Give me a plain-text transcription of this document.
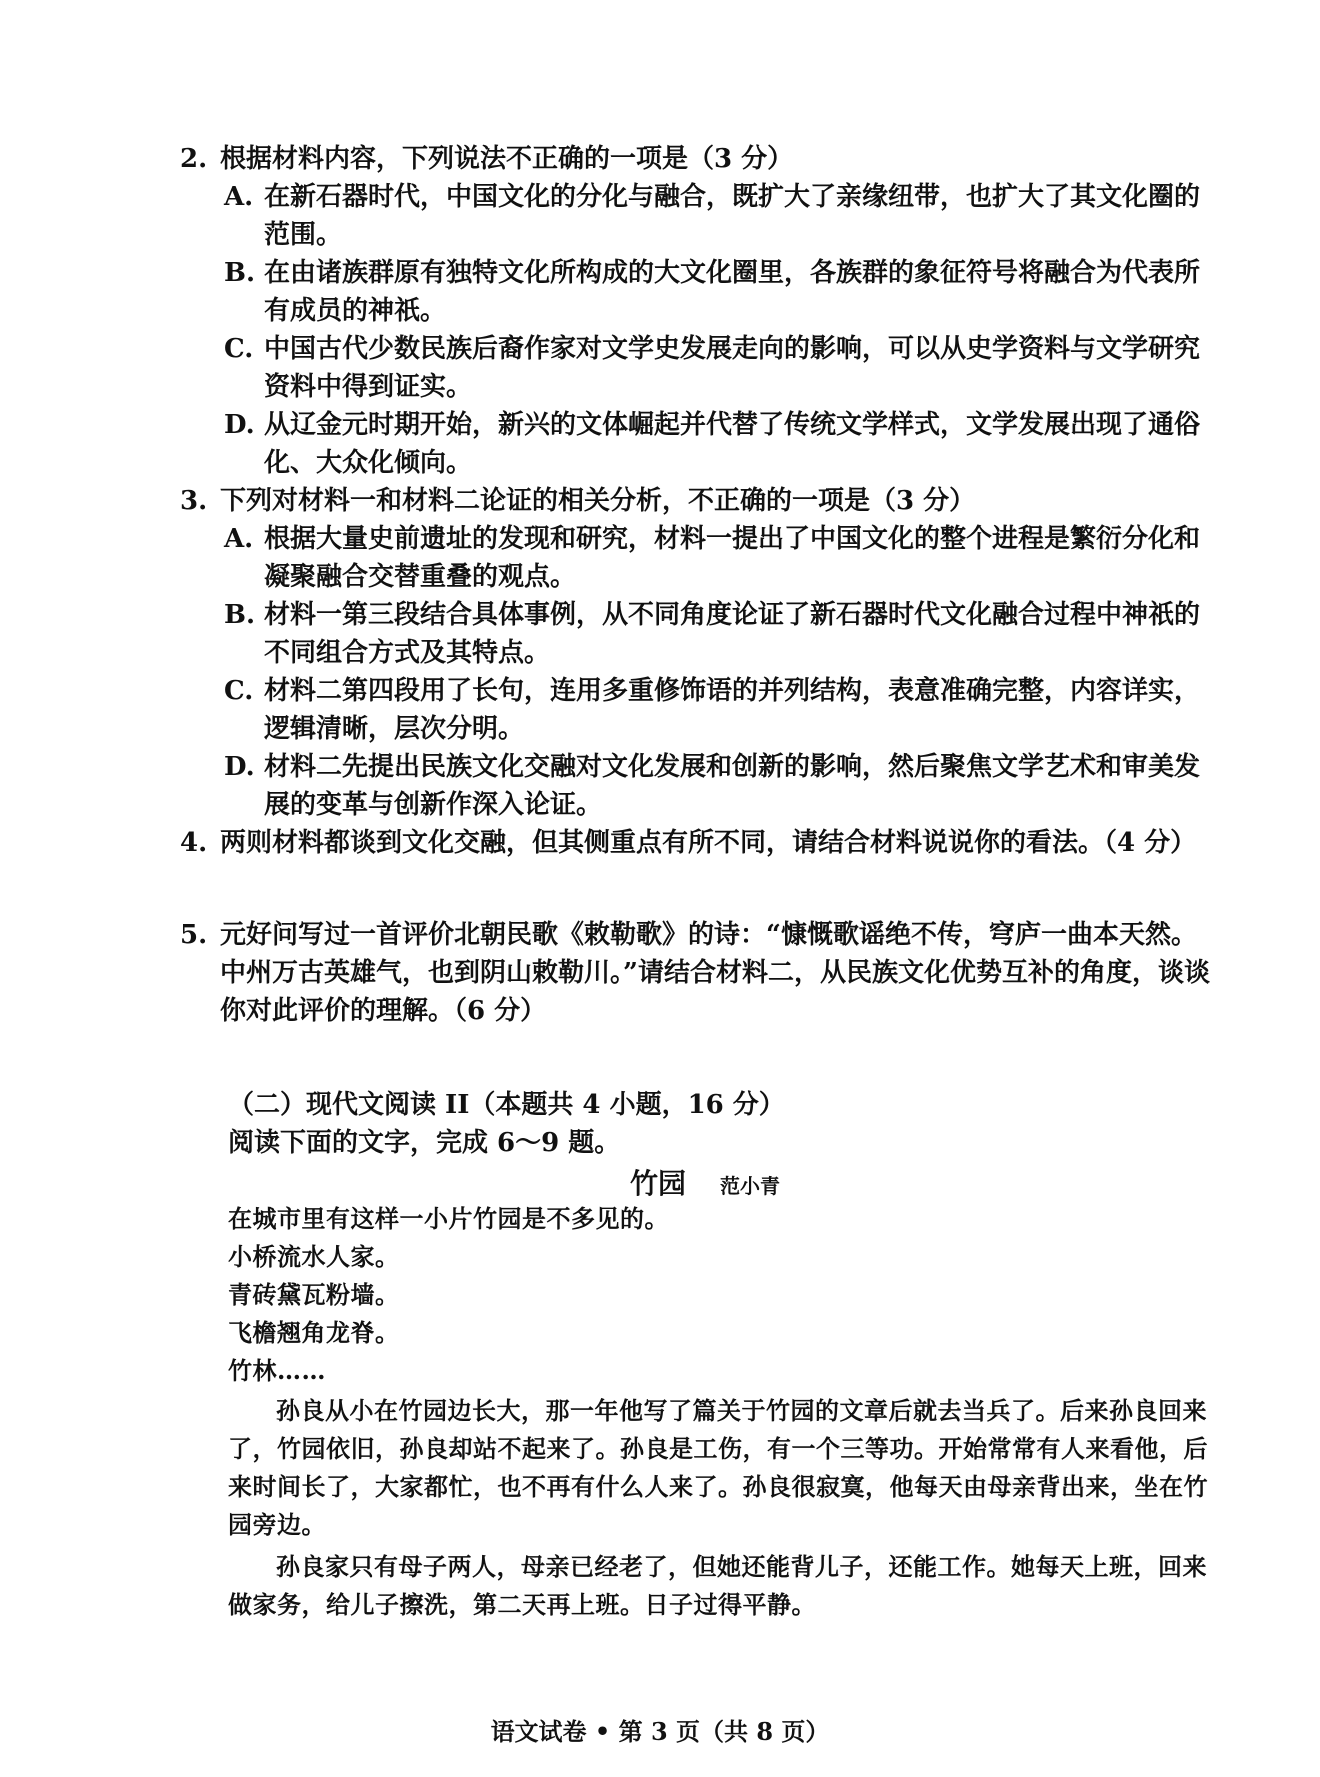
2. 根据材料内容，下列说法不正确的一项是（3 分）
A. 在新石器时代，中国文化的分化与融合，既扩大了亲缘纽带，也扩大了其文化圈的范围。
B. 在由诸族群原有独特文化所构成的大文化圈里，各族群的象征符号将融合为代表所有成员的神祇。
C. 中国古代少数民族后裔作家对文学史发展走向的影响，可以从史学资料与文学研究资料中得到证实。
D. 从辽金元时期开始，新兴的文体崛起并代替了传统文学样式，文学发展出现了通俗化、大众化倾向。
3. 下列对材料一和材料二论证的相关分析，不正确的一项是（3 分）
A. 根据大量史前遗址的发现和研究，材料一提出了中国文化的整个进程是繁衍分化和凝聚融合交替重叠的观点。
B. 材料一第三段结合具体事例，从不同角度论证了新石器时代文化融合过程中神祇的不同组合方式及其特点。
C. 材料二第四段用了长句，连用多重修饰语的并列结构，表意准确完整，内容详实，逻辑清晰，层次分明。
D. 材料二先提出民族文化交融对文化发展和创新的影响，然后聚焦文学艺术和审美发展的变革与创新作深入论证。
4. 两则材料都谈到文化交融，但其侧重点有所不同，请结合材料说说你的看法。（4 分）
5. 元好问写过一首评价北朝民歌《敕勒歌》的诗：“慷慨歌谣绝不传，穹庐一曲本天然。中州万古英雄气，也到阴山敕勒川。”请结合材料二，从民族文化优势互补的角度，谈谈你对此评价的理解。（6 分）
（二）现代文阅读 II（本题共 4 小题，16 分）
阅读下面的文字，完成 6～9 题。
竹园 范小青
在城市里有这样一小片竹园是不多见的。
小桥流水人家。
青砖黛瓦粉墙。
飞檐翘角龙脊。
竹林……
孙良从小在竹园边长大，那一年他写了篇关于竹园的文章后就去当兵了。后来孙良回来了，竹园依旧，孙良却站不起来了。孙良是工伤，有一个三等功。开始常常有人来看他，后来时间长了，大家都忙，也不再有什么人来了。孙良很寂寞，他每天由母亲背出来，坐在竹园旁边。
孙良家只有母子两人，母亲已经老了，但她还能背儿子，还能工作。她每天上班，回来做家务，给儿子擦洗，第二天再上班。日子过得平静。
语文试卷 • 第 3 页（共 8 页）
